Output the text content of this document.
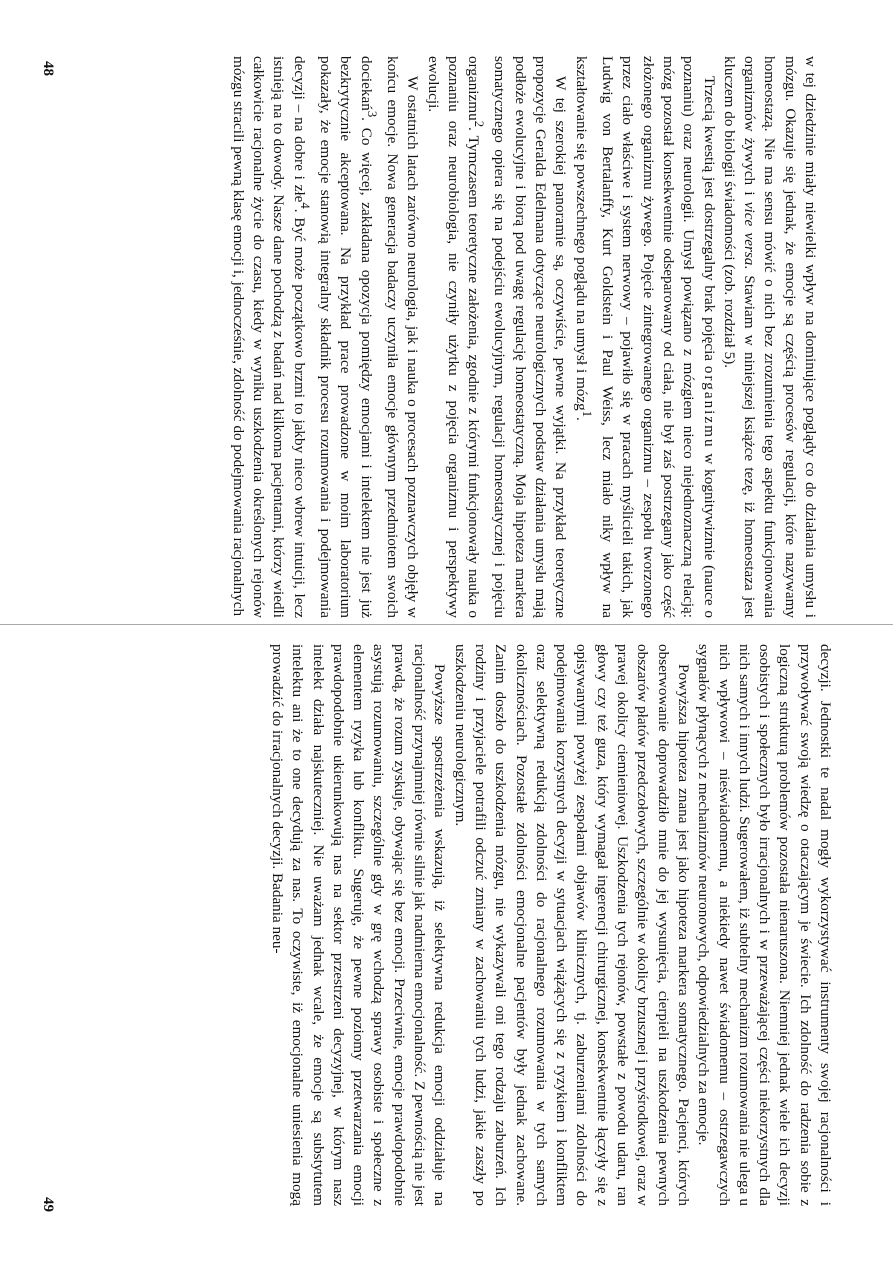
w tej dziedzinie miały niewielki wpływ na dominujące poglądy co do działania umysłu i mózgu. Okazuje się jednak, że emocje są częścią procesów regulacji, które nazywamy homeostazą. Nie ma sensu mówić o nich bez zrozumienia tego aspektu funkcjonowania organizmów żywych i vice versa. Stawiam w niniejszej książce tezę, iż homeostaza jest kluczem do biologii świadomości (zob. rozdział 5).

Trzecią kwestią jest dostrzegalny brak pojęcia organizmu w kognitywizmie (nauce o poznaniu) oraz neurologii. Umysł powiązano z mózgiem nieco niejednoznaczną relacją: mózg pozostał konsekwentnie odseparowany od ciała, nie był zaś postrzegany jako część złożonego organizmu żywego. Pojęcie zintegrowanego organizmu – zespołu tworzonego przez ciało właściwe i system nerwowy – pojawiło się w pracach myślicieli takich, jak Ludwig von Bertalanffy, Kurt Goldstein i Paul Weiss, lecz miało niky wpływ na kształtowanie się powszechnego poglądu na umysł i mózg$^1$.

W tej szerokiej panoramie są, oczywiście, pewne wyjątki. Na przykład teoretyczne propozycje Geralda Edelmana dotyczące neurologicznych podstaw działania umysłu mają podłoże ewolucyjne i biorą pod uwagę regulację homeostatyczną. Moja hipoteza markera somatycznego opiera się na podejściu ewolucyjnym, regulacji homeostatycznej i pojęciu organizmu$^2$. Tymczasem teoretyczne założenia, zgodnie z którymi funkcjonowały nauka o poznaniu oraz neurobiologia, nie czyniły użytku z pojęcia organizmu i perspektywy ewolucji.

W ostatnich latach zarówno neurologia, jak i nauka o procesach poznawczych objęły w końcu emocje. Nowa generacja badaczy uczyniła emocje głównym przedmiotem swoich dociekań$^3$. Co więcej, zakładana opozycja pomiędzy emocjami i intelektem nie jest już bezkrytycznie akceptowana. Na przykład prace prowadzone w moim laboratorium pokazały, że emocje stanowią integralny składnik procesu rozumowania i podejmowania decyzji – na dobre i złe$^4$. Być może początkowo brzmi to jakby nieco wbrew intuicji, lecz istnieją na to dowody. Nasze dane pochodzą z badań nad kilkoma pacjentami, którzy wiedli całkowicie racjonalne życie do czasu, kiedy w wyniku uszkodzenia określonych rejonów mózgu stracili pewną klasę emocji i, jednocześnie, zdolność do podejmowania racjonalnych

48

decyzji. Jednostki te nadal mogły wykorzystywać instrumenty swojej racjonalności i przywoływać swoją wiedzę o otaczającym je świecie. Ich zdolność do radzenia sobie z logiczną strukturą problemów pozostała nienaruszona. Niemniej jednak wiele ich decyzji osobistych i społecznych było irracjonalnych i w przeważającej części niekorzystnych dla nich samych i innych ludzi. Sugerowałem, iż subtelny mechanizm rozumowania nie ulega u nich wpływowi – nieświadomemu, a niekiedy nawet świadomemu – ostrzegawczych sygnałów płynących z mechanizmów neuronowych, odpowiedzialnych za emocje.

Powyższa hipoteza znana jest jako hipoteza markera somatycznego. Pacjenci, których obserwowanie doprowadziło mnie do jej wysunięcia, cierpieli na uszkodzenia pewnych obszarów płatów przedczołowych, szczególnie w okolicy brzusznej i przyśrodkowej, oraz w prawej okolicy ciemieniowej. Uszkodzenia tych rejonów, powstałe z powodu udaru, ran głowy czy też guza, który wymagał ingerencji chirurgicznej, konsekwentnie łączyły się z opisywanymi powyżej zespołami objawów klinicznych, tj. zaburzeniami zdolności do podejmowania korzystnych decyzji w sytuacjach wiążących się z ryzykiem i konfliktem oraz selektywną redukcją zdolności do racjonalnego rozumowania w tych samych okolicznościach. Pozostałe zdolności emocjonalne pacjentów były jednak zachowane. Zanim doszło do uszkodzenia mózgu, nie wykazywali oni tego rodzaju zaburzeń. Ich rodziny i przyjaciele potrafili odczuć zmiany w zachowaniu tych ludzi, jakie zaszły po uszkodzeniu neurologicznym.

Powyższe spostrzeżenia wskazują, iż selektywna redukcja emocji oddziałuje na racjonalność przynajmniej równie silnie jak nadmierna emocjonalność. Z pewnością nie jest prawdą, że rozum zyskuje, obywając się bez emocji. Przeciwnie, emocje prawdopodobnie asystują rozumowaniu, szczególnie gdy w grę wchodzą sprawy osobiste i społeczne z elementem ryzyka lub konfliktu. Sugeruję, że pewne poziomy przetwarzania emocji prawdopodobnie ukierunkowują nas na sektor przestrzeni decyzyjnej, w którym nasz intelekt działa najskuteczniej. Nie uważam jednak wcale, że emocje są substytutem intelektu ani że to one decydują za nas. To oczywiste, iż emocjonalne uniesienia mogą prowadzić do irracjonalnych decyzji. Badania neu-

49
